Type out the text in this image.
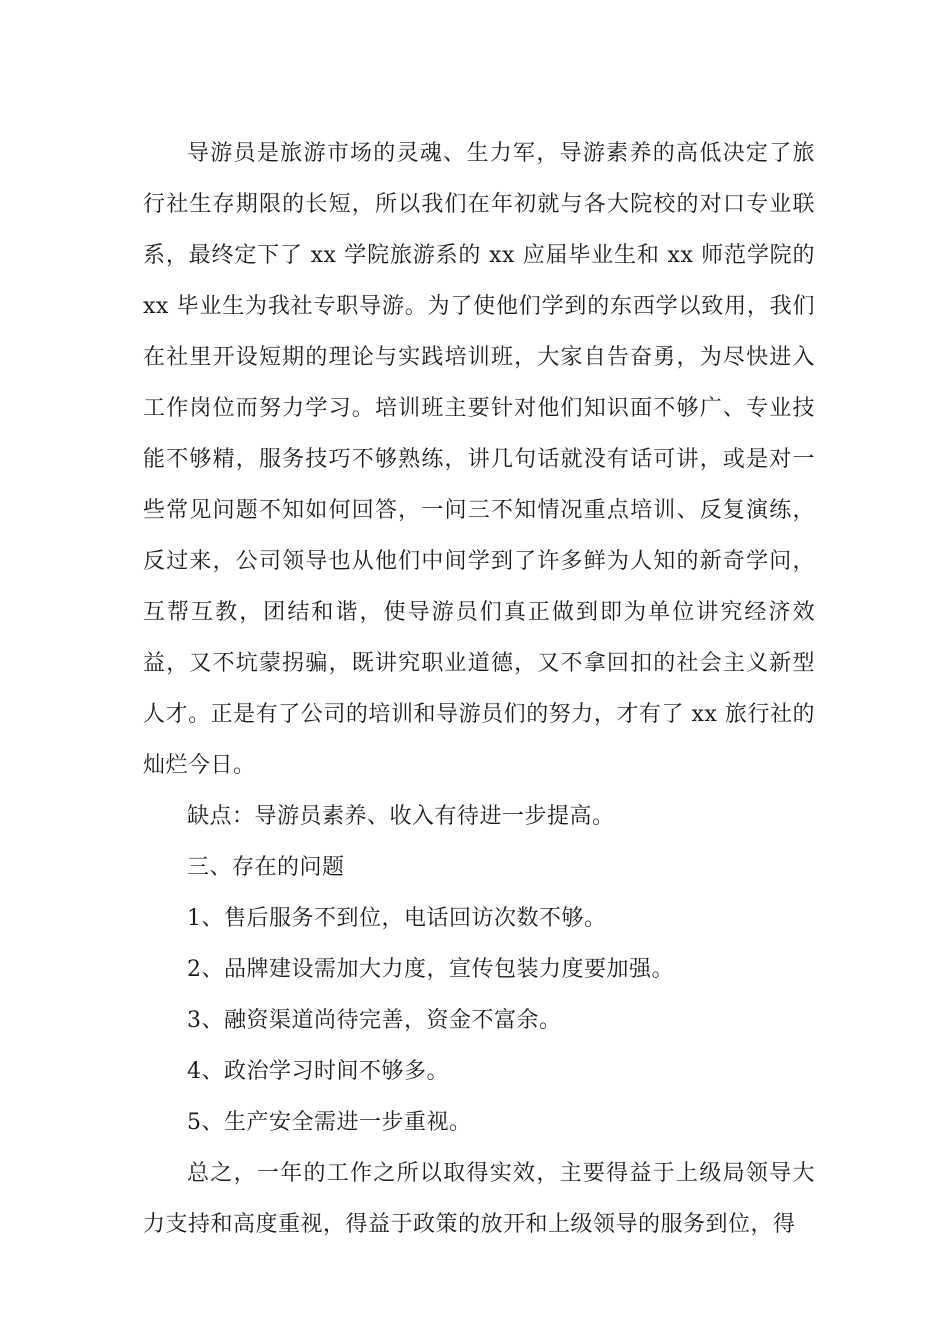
导游员是旅游市场的灵魂、生力军，导游素养的高低决定了旅行社生存期限的长短，所以我们在年初就与各大院校的对口专业联系，最终定下了 xx 学院旅游系的 xx 应届毕业生和 xx 师范学院的 xx 毕业生为我社专职导游。为了使他们学到的东西学以致用，我们在社里开设短期的理论与实践培训班，大家自告奋勇，为尽快进入工作岗位而努力学习。培训班主要针对他们知识面不够广、专业技能不够精，服务技巧不够熟练，讲几句话就没有话可讲，或是对一些常见问题不知如何回答，一问三不知情况重点培训、反复演练，反过来，公司领导也从他们中间学到了许多鲜为人知的新奇学问，互帮互教，团结和谐，使导游员们真正做到即为单位讲究经济效益，又不坑蒙拐骗，既讲究职业道德，又不拿回扣的社会主义新型人才。正是有了公司的培训和导游员们的努力，才有了 xx 旅行社的灿烂今日。

缺点：导游员素养、收入有待进一步提高。

三、存在的问题

1、售后服务不到位，电话回访次数不够。

2、品牌建设需加大力度，宣传包装力度要加强。

3、融资渠道尚待完善，资金不富余。

4、政治学习时间不够多。

5、生产安全需进一步重视。

总之，一年的工作之所以取得实效，主要得益于上级局领导大力支持和高度重视，得益于政策的放开和上级领导的服务到位，得
